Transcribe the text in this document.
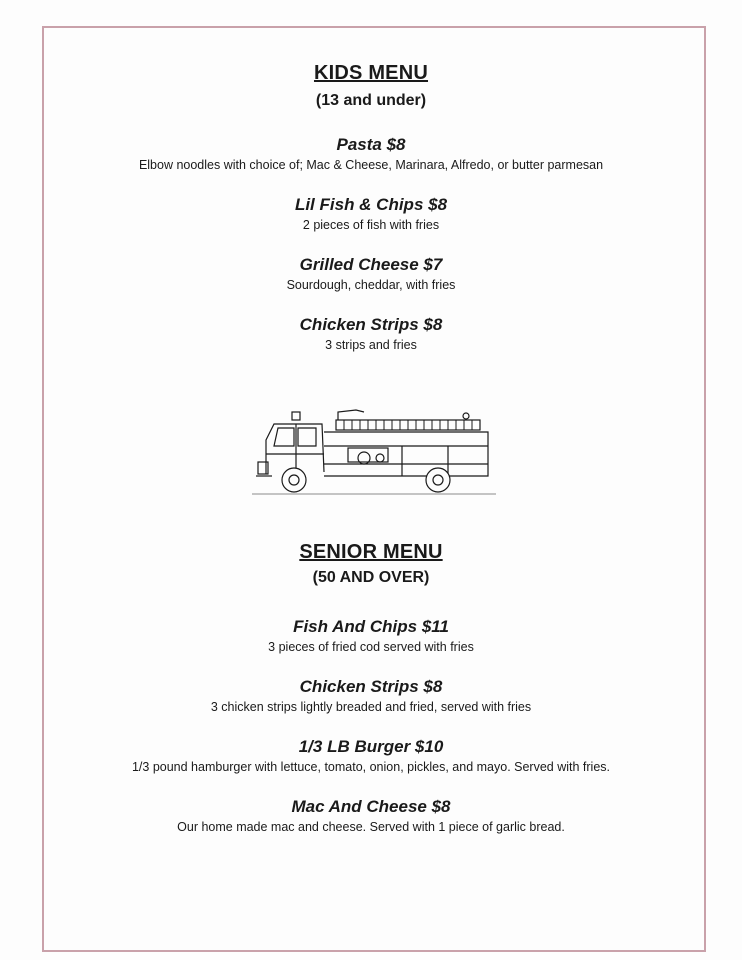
KIDS MENU
(13 and under)
Pasta $8
Elbow noodles with choice of; Mac & Cheese, Marinara, Alfredo, or butter parmesan
Lil Fish & Chips $8
2 pieces of fish with fries
Grilled Cheese $7
Sourdough, cheddar, with fries
Chicken Strips $8
3 strips and fries
SENIOR MENU
(50 AND OVER)
Fish And Chips $11
3 pieces of fried cod served with fries
Chicken Strips $8
3 chicken strips lightly breaded and fried, served with fries
1/3 LB Burger $10
1/3 pound hamburger with lettuce, tomato, onion, pickles, and mayo. Served with fries.
Mac And Cheese $8
Our home made mac and cheese. Served with 1 piece of garlic bread.
